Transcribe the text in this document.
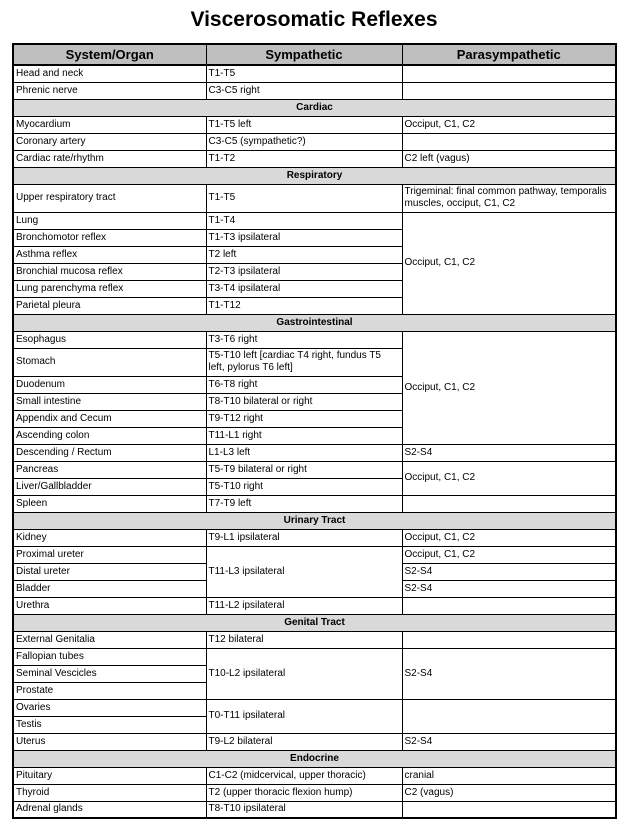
Viscerosomatic Reflexes
System/Organ	Sympathetic	Parasympathetic
Head and neck	T1-T5	
Phrenic nerve	C3-C5 right	
Cardiac		
Myocardium	T1-T5 left	Occiput, C1, C2
Coronary artery	C3-C5 (sympathetic?)	
Cardiac rate/rhythm	T1-T2	C2 left (vagus)
Respiratory		
Upper respiratory tract	T1-T5	Trigeminal: final common pathway, temporalis muscles, occiput, C1, C2
Lung	T1-T4	Occiput, C1, C2
Bronchomotor reflex	T1-T3 ipsilateral	
Asthma reflex	T2 left	
Bronchial mucosa reflex	T2-T3 ipsilateral	
Lung parenchyma reflex	T3-T4 ipsilateral	
Parietal pleura	T1-T12	
Gastrointestinal		
Esophagus	T3-T6 right	Occiput, C1, C2
Stomach	T5-T10 left [cardiac T4 right, fundus T5 left, pylorus T6 left]	
Duodenum	T6-T8 right	
Small intestine	T8-T10 bilateral or right	
Appendix and Cecum	T9-T12 right	
Ascending colon	T11-L1 right	
Descending / Rectum	L1-L3 left	S2-S4
Pancreas	T5-T9 bilateral or right	Occiput, C1, C2
Liver/Gallbladder	T5-T10 right	
Spleen	T7-T9 left	
Urinary Tract		
Kidney	T9-L1 ipsilateral	Occiput, C1, C2
Proximal ureter	T11-L3 ipsilateral	Occiput, C1, C2
Distal ureter		S2-S4
Bladder		S2-S4
Urethra	T11-L2 ipsilateral	
Genital Tract		
External Genitalia	T12 bilateral	
Fallopian tubes	T10-L2 ipsilateral	S2-S4
Seminal Vescicles		
Prostate		
Ovaries	T0-T11 ipsilateral	
Testis		
Uterus	T9-L2 bilateral	S2-S4
Endocrine		
Pituitary	C1-C2 (midcervical, upper thoracic)	cranial
Thyroid	T2 (upper thoracic flexion hump)	C2 (vagus)
Adrenal glands	T8-T10 ipsilateral	
